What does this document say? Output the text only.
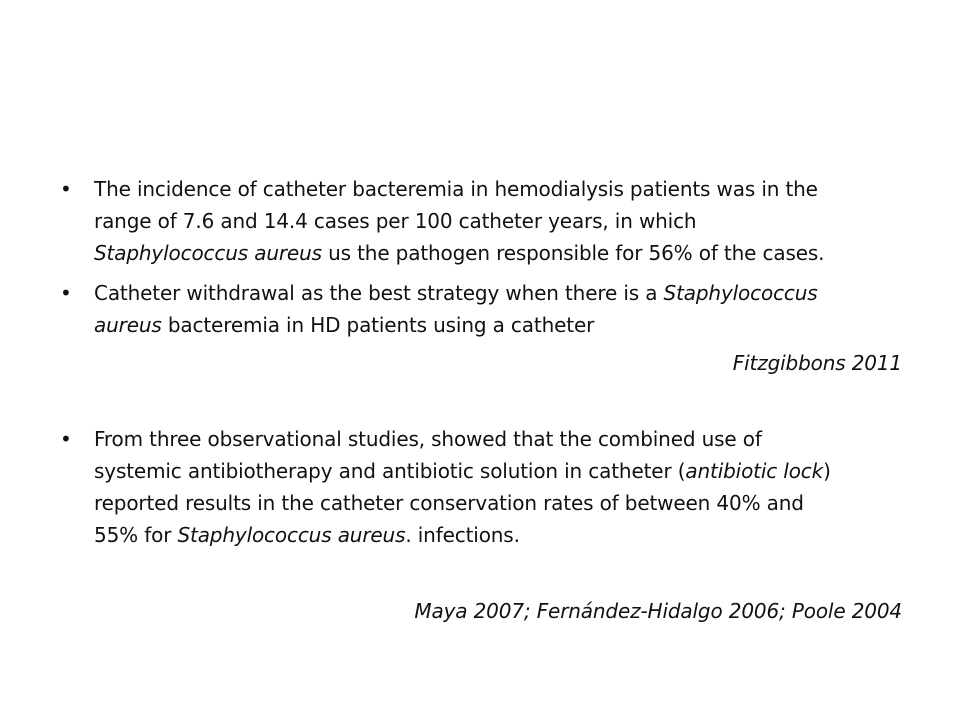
•	The incidence of catheter bacteremia in hemodialysis patients was in the
range of 7.6 and 14.4 cases per 100 catheter years, in which
Staphylococcus aureus us the pathogen responsible for 56% of the cases.
•	Catheter withdrawal as the best strategy when there is a Staphylococcus
aureus bacteremia in HD patients using a catheter
Fitzgibbons 2011
•	From three observational studies, showed that the combined use of
systemic antibiotherapy and antibiotic solution in catheter (antibiotic lock)
reported results in the catheter conservation rates of between 40% and
55% for Staphylococcus aureus. infections.
Maya 2007; Fernández-Hidalgo 2006; Poole 2004
